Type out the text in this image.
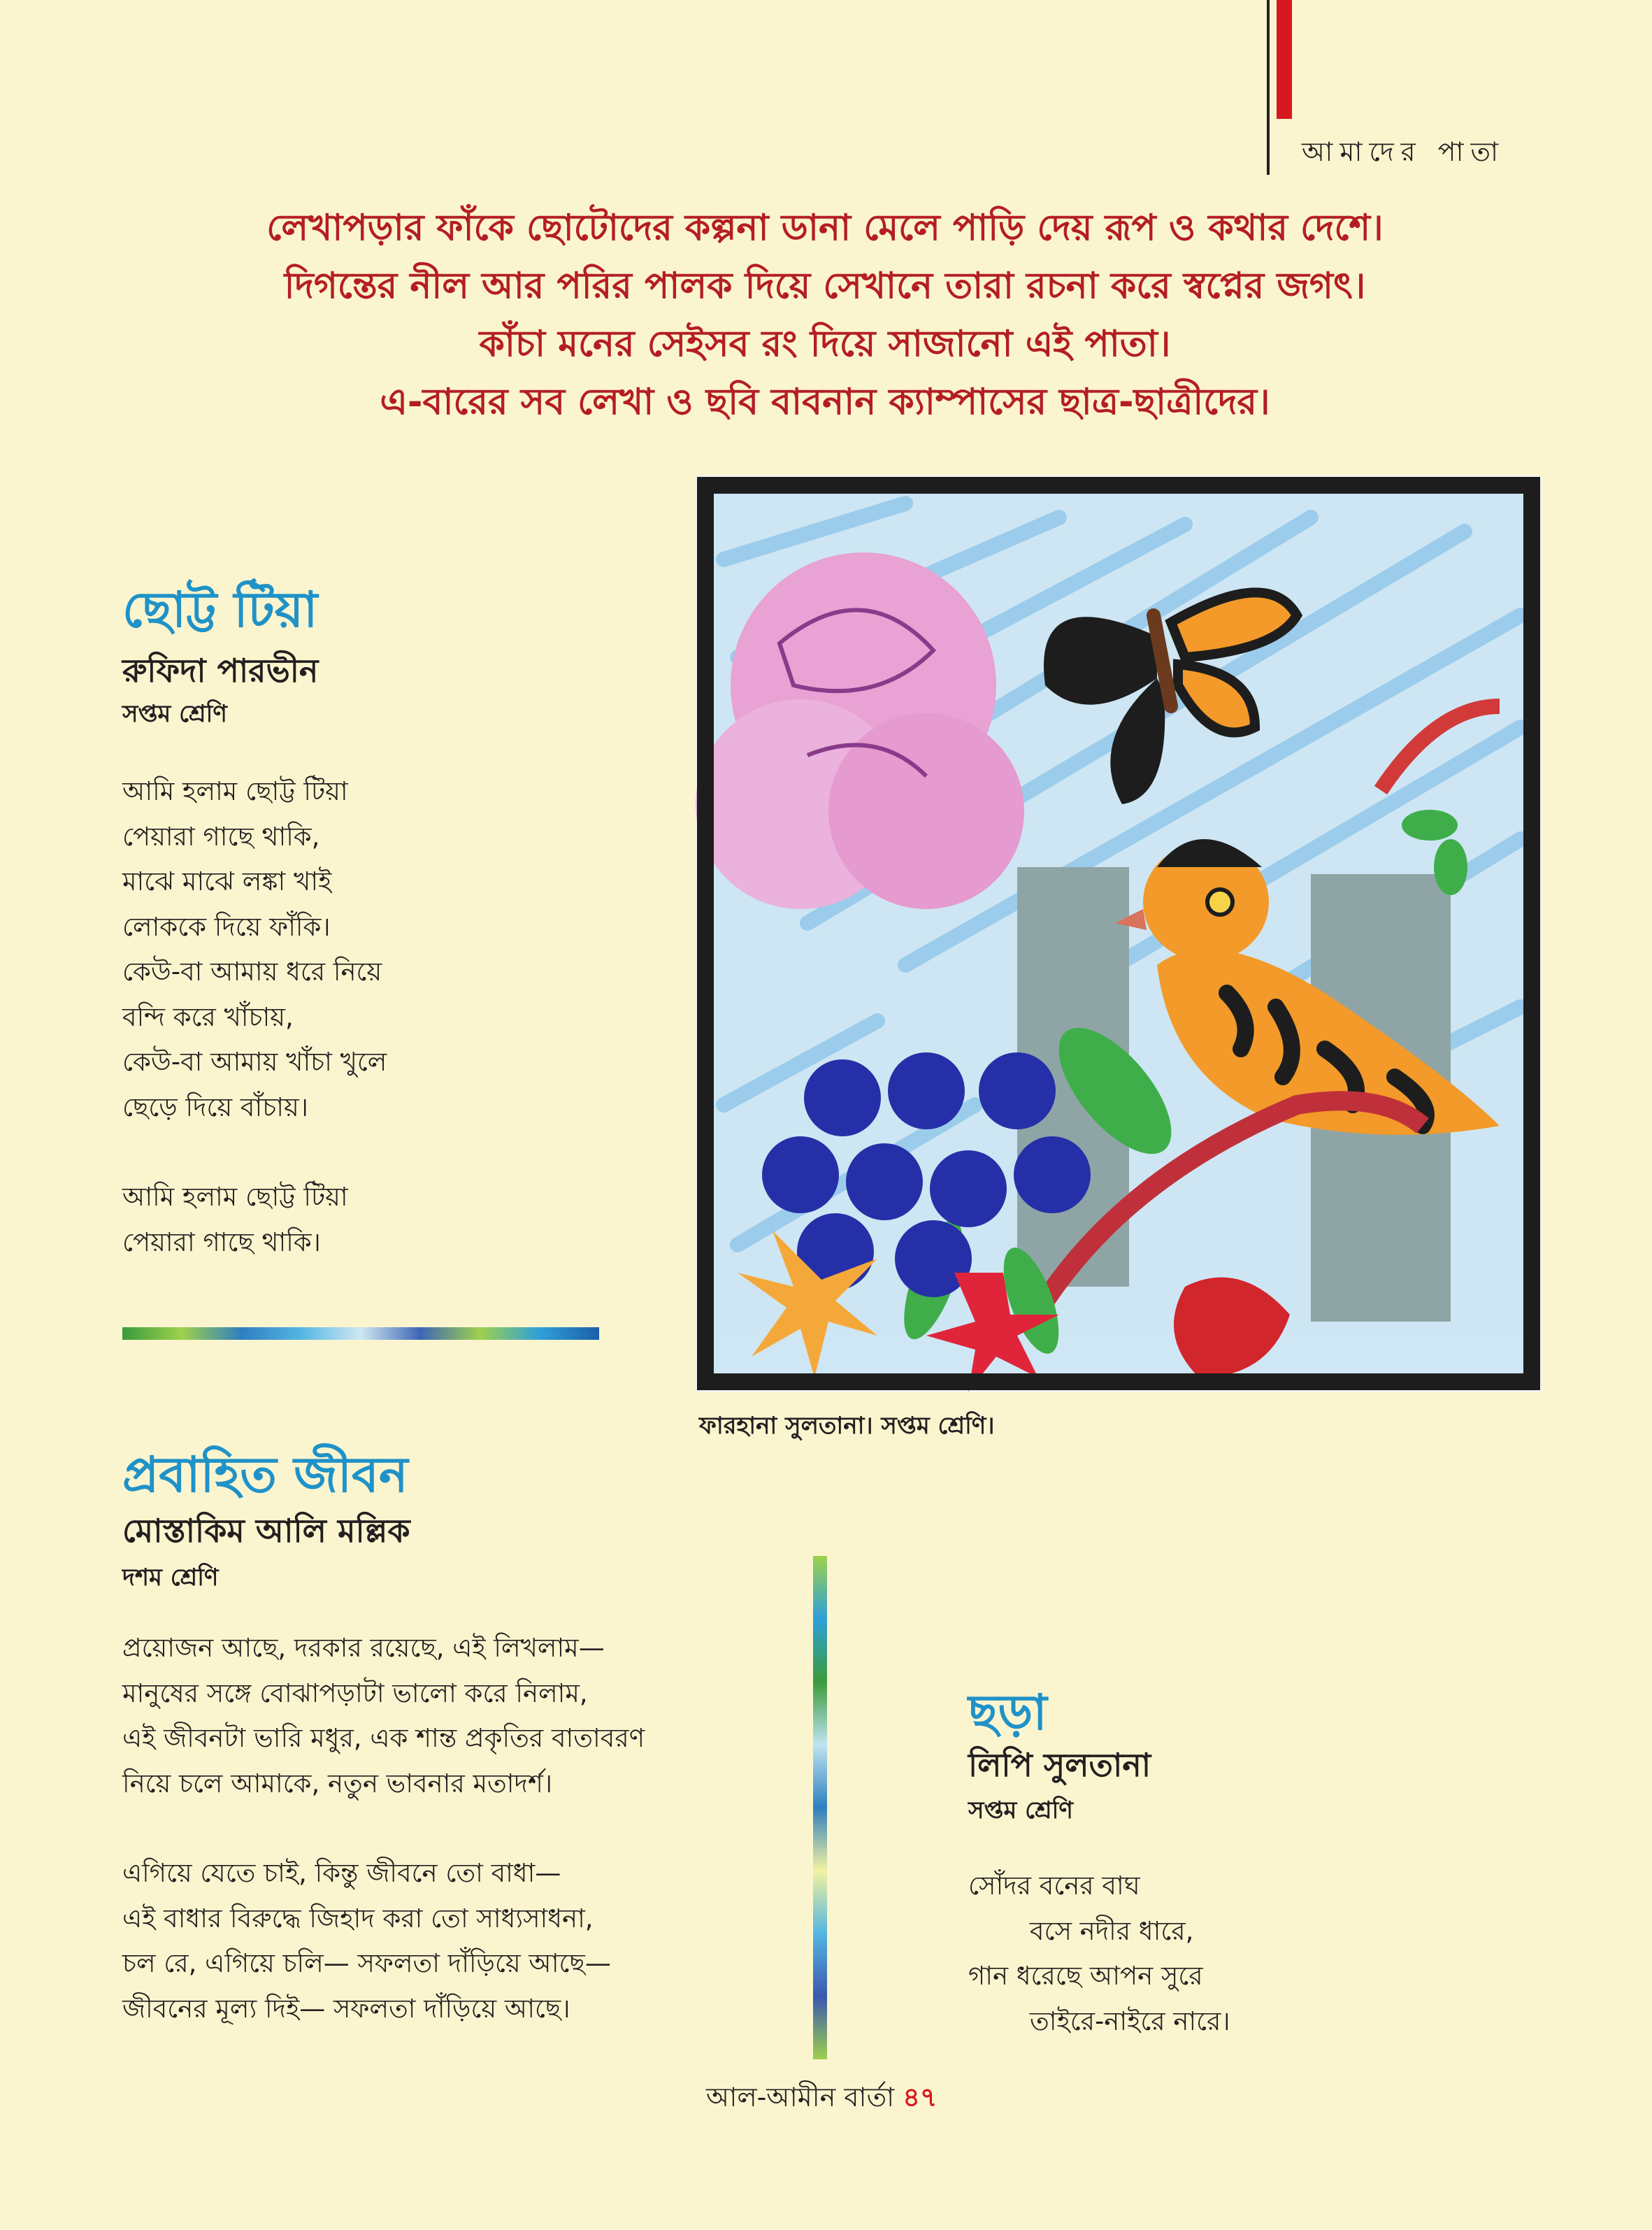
আমাদের পাতা
লেখাপড়ার ফাঁকে ছোটোদের কল্পনা ডানা মেলে পাড়ি দেয় রূপ ও কথার দেশে।
দিগন্তের নীল আর পরির পালক দিয়ে সেখানে তারা রচনা করে স্বপ্নের জগৎ।
কাঁচা মনের সেইসব রং দিয়ে সাজানো এই পাতা।
এ-বারের সব লেখা ও ছবি বাবনান ক্যাম্পাসের ছাত্র-ছাত্রীদের।
ছোট্ট টিয়া
রুফিদা পারভীন
সপ্তম শ্রেণি
আমি হলাম ছোট্ট টিয়া
পেয়ারা গাছে থাকি,
মাঝে মাঝে লঙ্কা খাই
লোককে দিয়ে ফাঁকি।
কেউ-বা আমায় ধরে নিয়ে
বন্দি করে খাঁচায়,
কেউ-বা আমায় খাঁচা খুলে
ছেড়ে দিয়ে বাঁচায়।
আমি হলাম ছোট্ট টিয়া
পেয়ারা গাছে থাকি।
ফারহানা সুলতানা। সপ্তম শ্রেণি।
প্রবাহিত জীবন
মোস্তাকিম আলি মল্লিক
দশম শ্রেণি
প্রয়োজন আছে, দরকার রয়েছে, এই লিখলাম—
মানুষের সঙ্গে বোঝাপড়াটা ভালো করে নিলাম,
এই জীবনটা ভারি মধুর, এক শান্ত প্রকৃতির বাতাবরণ
নিয়ে চলে আমাকে, নতুন ভাবনার মতাদর্শ।
এগিয়ে যেতে চাই, কিন্তু জীবনে তো বাধা—
এই বাধার বিরুদ্ধে জিহাদ করা তো সাধ্যসাধনা,
চল রে, এগিয়ে চলি— সফলতা দাঁড়িয়ে আছে—
জীবনের মূল্য দিই— সফলতা দাঁড়িয়ে আছে।
ছড়া
লিপি সুলতানা
সপ্তম শ্রেণি
সোঁদর বনের বাঘ
বসে নদীর ধারে,
গান ধরেছে আপন সুরে
তাইরে-নাইরে নারে।
আল-আমীন বার্তা ৪৭
